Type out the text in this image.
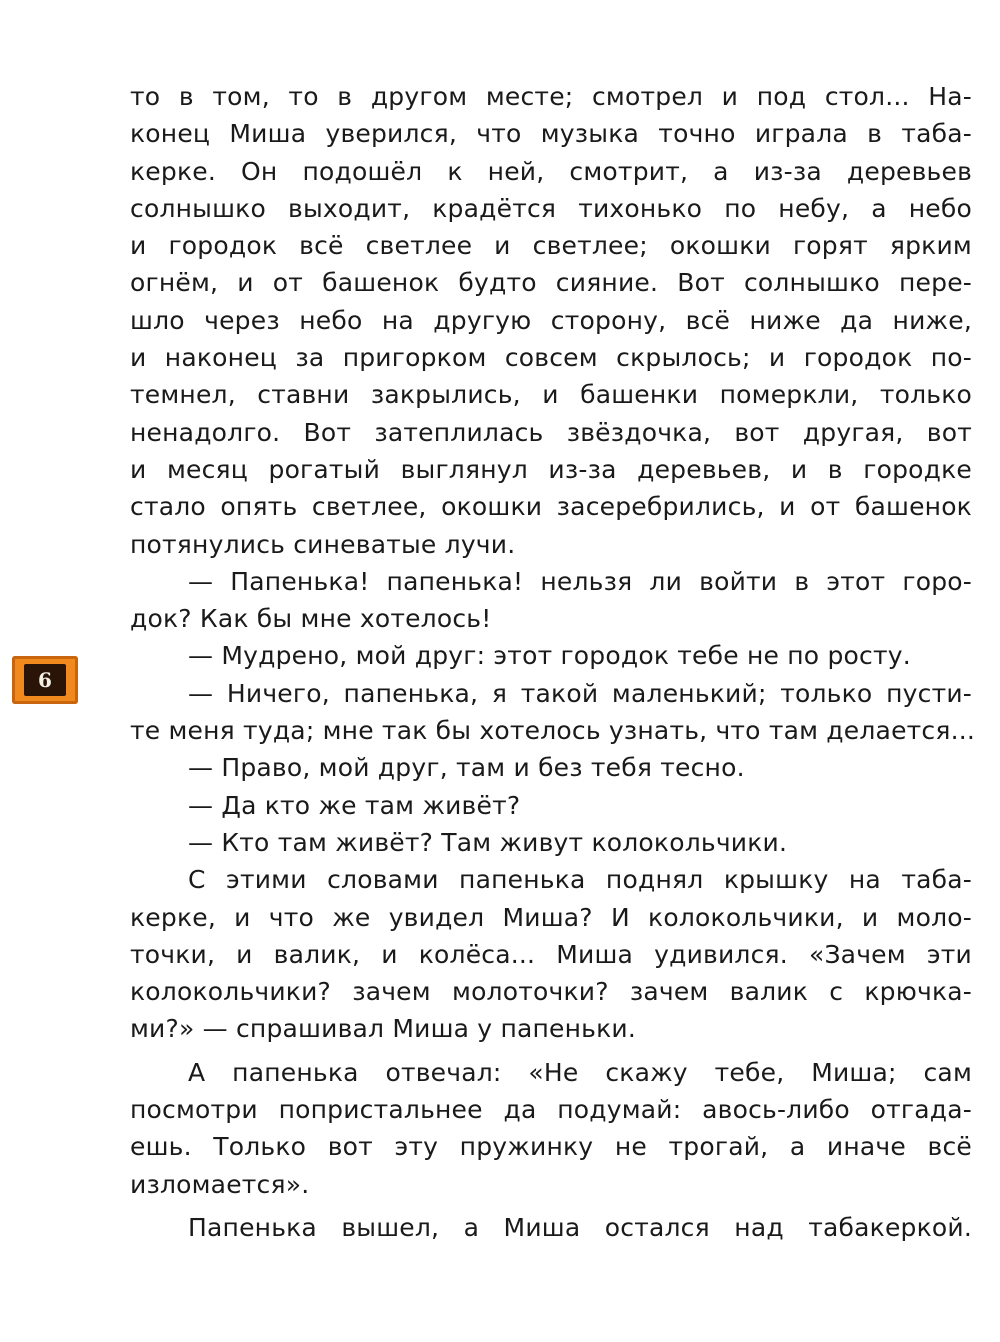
6
то в том, то в другом месте; смотрел и под стол... На-
конец Миша уверился, что музыка точно играла в таба-
керке. Он подошёл к ней, смотрит, а из-за деревьев
солнышко выходит, крадётся тихонько по небу, а небо
и городок всё светлее и светлее; окошки горят ярким
огнём, и от башенок будто сияние. Вот солнышко пере-
шло через небо на другую сторону, всё ниже да ниже,
и наконец за пригорком совсем скрылось; и городок по-
темнел, ставни закрылись, и башенки померкли, только
ненадолго. Вот затеплилась звёздочка, вот другая, вот
и месяц рогатый выглянул из-за деревьев, и в городке
стало опять светлее, окошки засеребрились, и от башенок
потянулись синеватые лучи.
— Папенька! папенька! нельзя ли войти в этот горо-
док? Как бы мне хотелось!
— Мудрено, мой друг: этот городок тебе не по росту.
— Ничего, папенька, я такой маленький; только пусти-
те меня туда; мне так бы хотелось узнать, что там делается...
— Право, мой друг, там и без тебя тесно.
— Да кто же там живёт?
— Кто там живёт? Там живут колокольчики.
С этими словами папенька поднял крышку на таба-
керке, и что же увидел Миша? И колокольчики, и моло-
точки, и валик, и колёса... Миша удивился. «Зачем эти
колокольчики? зачем молоточки? зачем валик с крючка-
ми?» — спрашивал Миша у папеньки.
А папенька отвечал: «Не скажу тебе, Миша; сам
посмотри попристальнее да подумай: авось-либо отгада-
ешь. Только вот эту пружинку не трогай, а иначе всё
изломается».
Папенька вышел, а Миша остался над табакеркой.
